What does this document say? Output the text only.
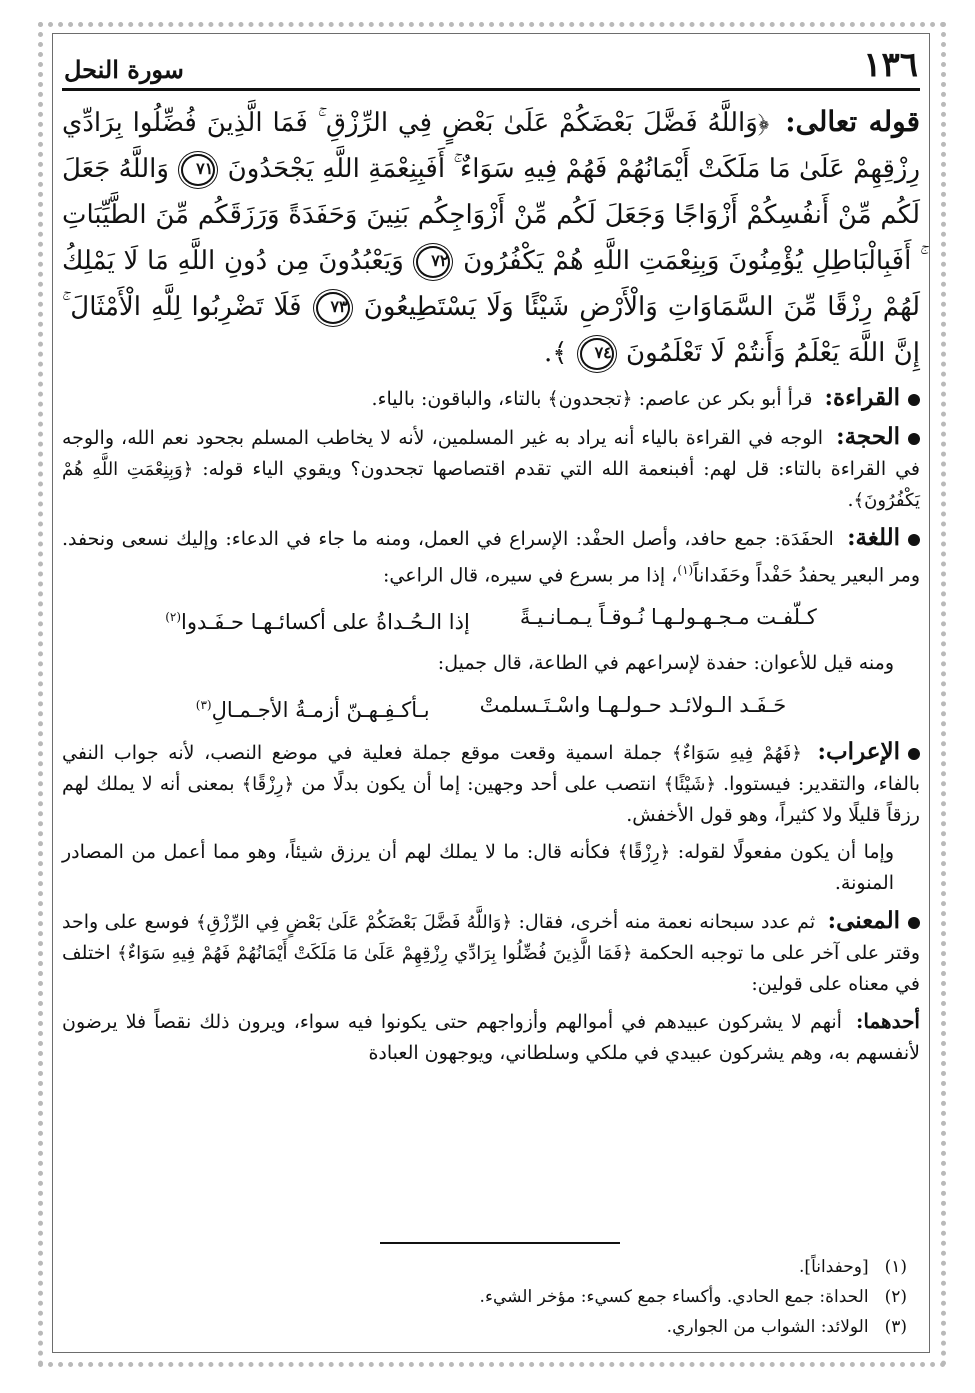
١٣٦
سورة النحل
قوله تعالى: ﴿وَاللَّهُ فَضَّلَ بَعْضَكُمْ عَلَىٰ بَعْضٍ فِي الرِّزْقِ ۚ فَمَا الَّذِينَ فُضِّلُوا بِرَادِّي رِزْقِهِمْ عَلَىٰ مَا مَلَكَتْ أَيْمَانُهُمْ فَهُمْ فِيهِ سَوَاءٌ ۚ أَفَبِنِعْمَةِ اللَّهِ يَجْحَدُونَ ٧١ وَاللَّهُ جَعَلَ لَكُم مِّنْ أَنفُسِكُمْ أَزْوَاجًا وَجَعَلَ لَكُم مِّنْ أَزْوَاجِكُم بَنِينَ وَحَفَدَةً وَرَزَقَكُم مِّنَ الطَّيِّبَاتِ ۚ أَفَبِالْبَاطِلِ يُؤْمِنُونَ وَبِنِعْمَتِ اللَّهِ هُمْ يَكْفُرُونَ ٧٢ وَيَعْبُدُونَ مِن دُونِ اللَّهِ مَا لَا يَمْلِكُ لَهُمْ رِزْقًا مِّنَ السَّمَاوَاتِ وَالْأَرْضِ شَيْئًا وَلَا يَسْتَطِيعُونَ ٧٣ فَلَا تَضْرِبُوا لِلَّهِ الْأَمْثَالَ ۚ إِنَّ اللَّهَ يَعْلَمُ وَأَنتُمْ لَا تَعْلَمُونَ ٧٤ ﴾.
القراءة: قرأ أبو بكر عن عاصم: ﴿تجحدون﴾ بالتاء، والباقون: بالياء.
الحجة: الوجه في القراءة بالياء أنه يراد به غير المسلمين، لأنه لا يخاطب المسلم بجحود نعم الله، والوجه في القراءة بالتاء: قل لهم: أفبنعمة الله التي تقدم اقتصاصها تجحدون؟ ويقوي الياء قوله: ﴿وَبِنِعْمَتِ اللَّهِ هُمْ يَكْفُرُونَ﴾.
اللغة: الحفَدَة: جمع حافد، وأصل الحفْد: الإسراع في العمل، ومنه ما جاء في الدعاء: وإليك نسعى ونحفد. ومر البعير يحفدُ حَفْداً وحَفَداناً$^{(١)}$، إذا مر بسرع في سيره، قال الراعي:
كـلّفـت مـجـهـولـهـا نُـوقـاً يـمـانـيـةً
إذا الـحُـداةُ على أكسائـهـا حـفَـدوا$^{(٢)}$
ومنه قيل للأعوان: حفدة لإسراعهم في الطاعة، قال جميل:
حَـفَـد الـولائـد حـولـهـا واسْـتَـسلمتْ
بـأكـفِـهـنّ أزمـةُ الأجـمـالِ$^{(٣)}$
الإعراب: ﴿فَهُمْ فِيهِ سَوَاءٌ﴾ جملة اسمية وقعت موقع جملة فعلية في موضع النصب، لأنه جواب النفي بالفاء، والتقدير: فيستووا. ﴿شَيْئًا﴾ انتصب على أحد وجهين: إما أن يكون بدلًا من ﴿رِزْقًا﴾ بمعنى أنه لا يملك لهم رزقاً قليلًا ولا كثيراً، وهو قول الأخفش.
وإما أن يكون مفعولًا لقوله: ﴿رِزْقًا﴾ فكأنه قال: ما لا يملك لهم أن يرزق شيئاً، وهو مما أعمل من المصادر المنونة.
المعنى: ثم عدد سبحانه نعمة منه أخرى، فقال: ﴿وَاللَّهُ فَضَّلَ بَعْضَكُمْ عَلَىٰ بَعْضٍ فِي الرِّزْقِ﴾ فوسع على واحد وقتر على آخر على ما توجبه الحكمة ﴿فَمَا الَّذِينَ فُضِّلُوا بِرَادِّي رِزْقِهِمْ عَلَىٰ مَا مَلَكَتْ أَيْمَانُهُمْ فَهُمْ فِيهِ سَوَاءٌ﴾ اختلف في معناه على قولين:
أحدهما: أنهم لا يشركون عبيدهم في أموالهم وأزواجهم حتى يكونوا فيه سواء، ويرون ذلك نقصاً فلا يرضون لأنفسهم به، وهم يشركون عبيدي في ملكي وسلطاني، ويوجهون العبادة
(١)
[وحفداناً].
(٢)
الحداة: جمع الحادي. وأكساء جمع كسيء: مؤخر الشيء.
(٣)
الولائد: الشواب من الجواري.
